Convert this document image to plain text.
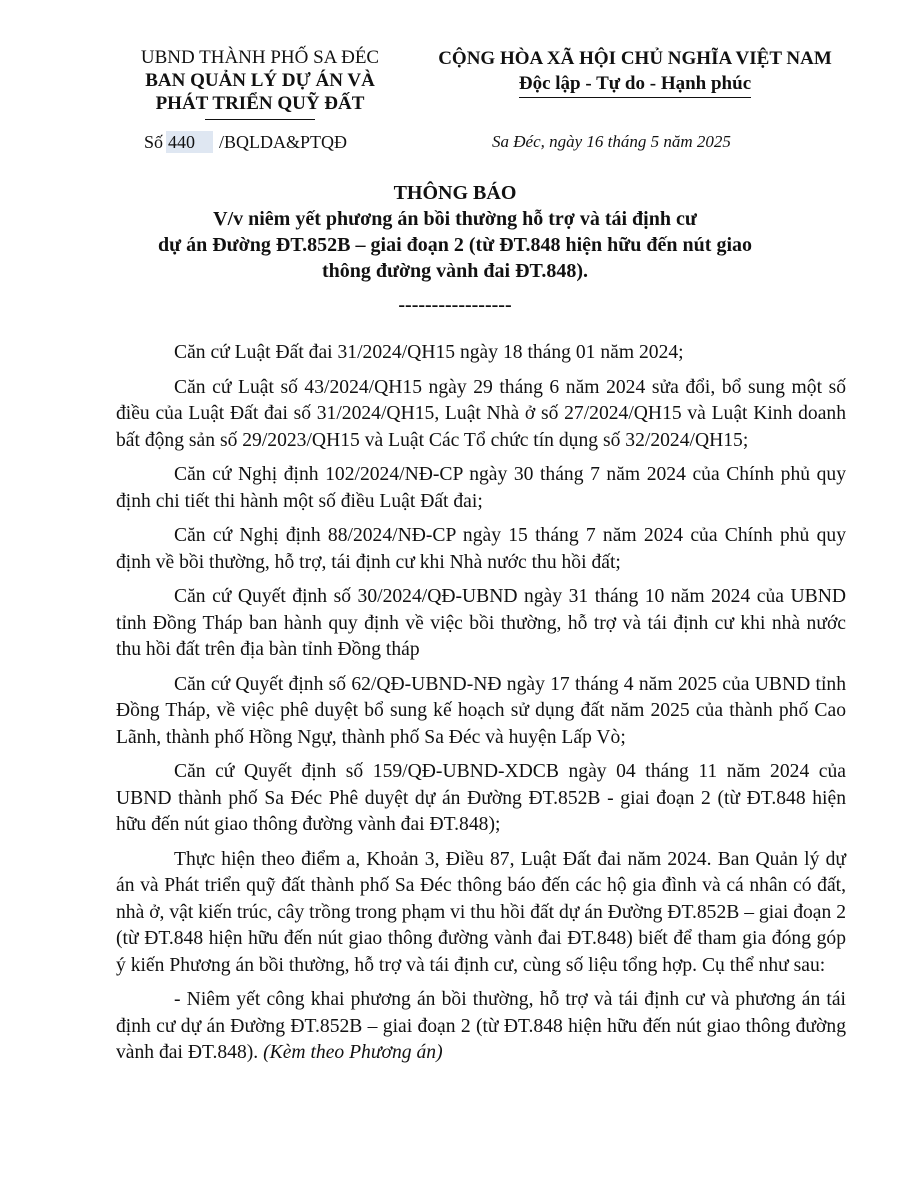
UBND THÀNH PHỐ SA ĐÉC
BAN QUẢN LÝ DỰ ÁN VÀ
PHÁT TRIỂN QUỸ ĐẤT
CỘNG HÒA XÃ HỘI CHỦ NGHĨA VIỆT NAM
Độc lập - Tự do - Hạnh phúc
Số 440 /BQLDA&PTQĐ	Sa Đéc, ngày 16 tháng 5 năm 2025
THÔNG BÁO
V/v niêm yết phương án bồi thường hỗ trợ và tái định cư
dự án Đường ĐT.852B – giai đoạn 2 (từ ĐT.848 hiện hữu đến nút giao
thông đường vành đai ĐT.848).
-----------------

Căn cứ Luật Đất đai 31/2024/QH15 ngày 18 tháng 01 năm 2024;

Căn cứ Luật số 43/2024/QH15 ngày 29 tháng 6 năm 2024 sửa đổi, bổ sung một số điều của Luật Đất đai số 31/2024/QH15, Luật Nhà ở số 27/2024/QH15 và Luật Kinh doanh bất động sản số 29/2023/QH15 và Luật Các Tổ chức tín dụng số 32/2024/QH15;

Căn cứ Nghị định 102/2024/NĐ-CP ngày 30 tháng 7 năm 2024 của Chính phủ quy định chi tiết thi hành một số điều Luật Đất đai;

Căn cứ Nghị định 88/2024/NĐ-CP ngày 15 tháng 7 năm 2024 của Chính phủ quy định về bồi thường, hỗ trợ, tái định cư khi Nhà nước thu hồi đất;

Căn cứ Quyết định số 30/2024/QĐ-UBND ngày 31 tháng 10 năm 2024 của UBND tỉnh Đồng Tháp ban hành quy định về việc bồi thường, hỗ trợ và tái định cư khi nhà nước thu hồi đất trên địa bàn tỉnh Đồng tháp

Căn cứ Quyết định số 62/QĐ-UBND-NĐ ngày 17 tháng 4 năm 2025 của UBND tỉnh Đồng Tháp, về việc phê duyệt bổ sung kế hoạch sử dụng đất năm 2025 của thành phố Cao Lãnh, thành phố Hồng Ngự, thành phố Sa Đéc và huyện Lấp Vò;

Căn cứ Quyết định số 159/QĐ-UBND-XDCB ngày 04 tháng 11 năm 2024 của UBND thành phố Sa Đéc Phê duyệt dự án Đường ĐT.852B - giai đoạn 2 (từ ĐT.848 hiện hữu đến nút giao thông đường vành đai ĐT.848);

Thực hiện theo điểm a, Khoản 3, Điều 87, Luật Đất đai năm 2024. Ban Quản lý dự án và Phát triển quỹ đất thành phố Sa Đéc thông báo đến các hộ gia đình và cá nhân có đất, nhà ở, vật kiến trúc, cây trồng trong phạm vi thu hồi đất dự án Đường ĐT.852B – giai đoạn 2 (từ ĐT.848 hiện hữu đến nút giao thông đường vành đai ĐT.848) biết để tham gia đóng góp ý kiến Phương án bồi thường, hỗ trợ và tái định cư, cùng số liệu tổng hợp. Cụ thể như sau:

- Niêm yết công khai phương án bồi thường, hỗ trợ và tái định cư và phương án tái định cư dự án Đường ĐT.852B – giai đoạn 2 (từ ĐT.848 hiện hữu đến nút giao thông đường vành đai ĐT.848). (Kèm theo Phương án)
